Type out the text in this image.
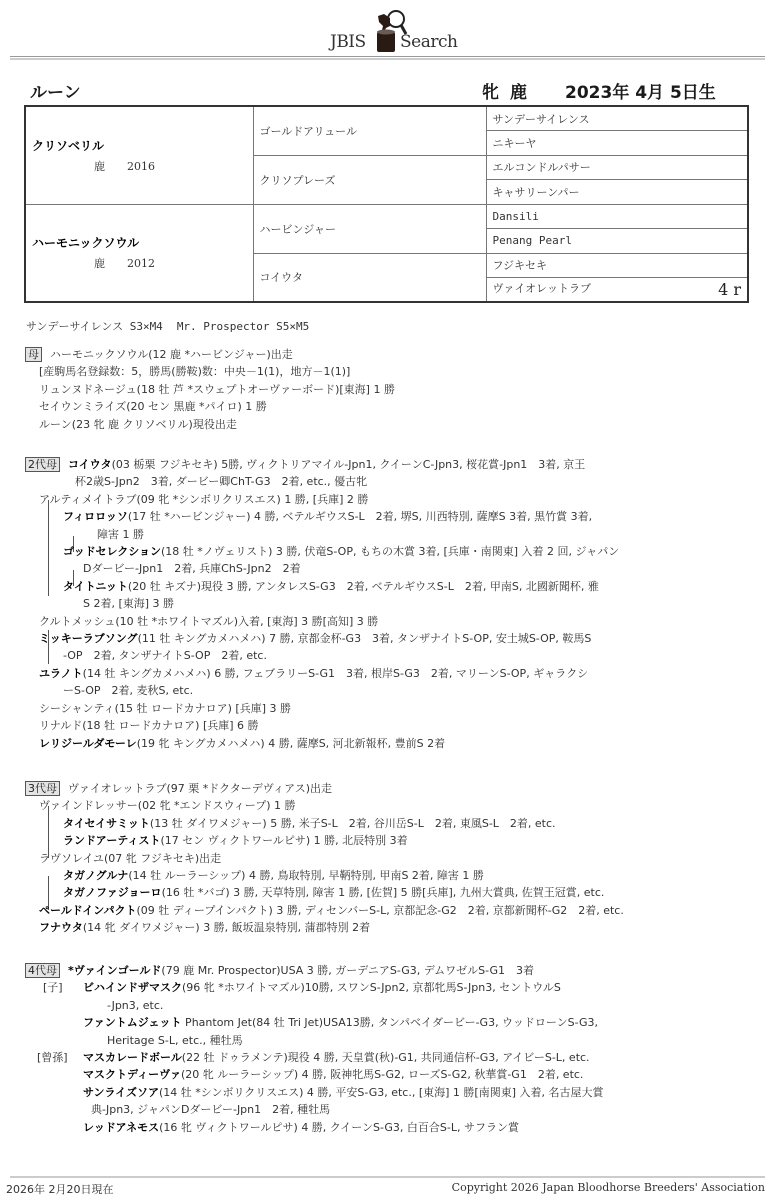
JBIS Search
ルーン	牝 鹿 2023年 4月 5日生
クリソベリル
鹿 2016	ゴールドアリュール	サンデーサイレンス
		ニキーヤ
	クリソプレーズ	エルコンドルパサー
		キャサリーンパー
ハーモニックソウル
鹿 2012	ハービンジャー	Dansili
		Penang Pearl
	コイウタ	フジキセキ
		ヴァイオレットラブ 4 r
サンデーサイレンス S3×M4 Mr. Prospector S5×M5
母 ハーモニックソウル(12 鹿 *ハービンジャー)出走
[産駒馬名登録数：5，勝馬(勝鞍)数：中央－1(1)，地方－1(1)]
リュンヌドネージュ(18 牡 芦 *スウェプトオーヴァーボード)[東海] 1 勝
セイウンミライズ(20 セン 黒鹿 *パイロ) 1 勝
ルーン(23 牝 鹿 クリソベリル)現役出走
2代母 コイウタ(03 栃栗 フジキセキ) 5勝, ヴィクトリアマイル-Jpn1, クイーンC-Jpn3, 桜花賞-Jpn1　3着, 京王
杯2歳S-Jpn2　3着, ダービー卿ChT-G3　2着, etc., 優古牝
アルティメイトラブ(09 牝 *シンボリクリスエス) 1 勝, [兵庫] 2 勝
フィロロッソ(17 牡 *ハービンジャー) 4 勝, ベテルギウスS-L　2着, 堺S, 川西特別, 薩摩S 3着, 黒竹賞 3着,
障害 1 勝
ゴッドセレクション(18 牡 *ノヴェリスト) 3 勝, 伏竜S-OP, もちの木賞 3着, [兵庫・南関東] 入着 2 回, ジャパン
Dダービー-Jpn1　2着, 兵庫ChS-Jpn2　2着
タイトニット(20 牡 キズナ)現役 3 勝, アンタレスS-G3　2着, ベテルギウスS-L　2着, 甲南S, 北國新聞杯, 雅
S 2着, [東海] 3 勝
クルトメッシュ(10 牡 *ホワイトマズル)入着, [東海] 3 勝[高知] 3 勝
ミッキーラブソング(11 牡 キングカメハメハ) 7 勝, 京都金杯-G3　3着, タンザナイトS-OP, 安土城S-OP, 鞍馬S
-OP　2着, タンザナイトS-OP　2着, etc.
ユラノト(14 牡 キングカメハメハ) 6 勝, フェブラリーS-G1　3着, 根岸S-G3　2着, マリーンS-OP, ギャラクシ
ーS-OP　2着, 麦秋S, etc.
シーシャンティ(15 牡 ロードカナロア) [兵庫] 3 勝
リナルド(18 牡 ロードカナロア) [兵庫] 6 勝
レリジールダモーレ(19 牝 キングカメハメハ) 4 勝, 薩摩S, 河北新報杯, 豊前S 2着
3代母 ヴァイオレットラブ(97 栗 *ドクターデヴィアス)出走
ヴァインドレッサー(02 牝 *エンドスウィープ) 1 勝
タイセイサミット(13 牡 ダイワメジャー) 5 勝, 米子S-L　2着, 谷川岳S-L　2着, 東風S-L　2着, etc.
ランドアーティスト(17 セン ヴィクトワールピサ) 1 勝, 北辰特別 3着
ラヴソレイユ(07 牝 フジキセキ)出走
タガノグルナ(14 牡 ルーラーシップ) 4 勝, 鳥取特別, 早鞆特別, 甲南S 2着, 障害 1 勝
タガノファジョーロ(16 牡 *バゴ) 3 勝, 天草特別, 障害 1 勝, [佐賀] 5 勝[兵庫], 九州大賞典, 佐賀王冠賞, etc.
ペールドインパクト(09 牡 ディープインパクト) 3 勝, ディセンバーS-L, 京都記念-G2　2着, 京都新聞杯-G2　2着, etc.
フナウタ(14 牝 ダイワメジャー) 3 勝, 飯坂温泉特別, 蒲郡特別 2着
4代母 *ヴァインゴールド(79 鹿 Mr. Prospector)USA 3 勝, ガーデニアS-G3, デムワゼルS-G1　3着
[子] ビハインドザマスク(96 牝 *ホワイトマズル)10勝, スワンS-Jpn2, 京都牝馬S-Jpn3, セントウルS
-Jpn3, etc.
ファントムジェット Phantom Jet(84 牡 Tri Jet)USA13勝, タンパベイダービー-G3, ウッドローンS-G3,
Heritage S-L, etc., 種牡馬
[曾孫] マスカレードボール(22 牡 ドゥラメンテ)現役 4 勝, 天皇賞(秋)-G1, 共同通信杯-G3, アイビーS-L, etc.
マスクトディーヴァ(20 牝 ルーラーシップ) 4 勝, 阪神牝馬S-G2, ローズS-G2, 秋華賞-G1　2着, etc.
サンライズソア(14 牡 *シンボリクリスエス) 4 勝, 平安S-G3, etc., [東海] 1 勝[南関東] 入着, 名古屋大賞
典-Jpn3, ジャパンDダービー-Jpn1　2着, 種牡馬
レッドアネモス(16 牝 ヴィクトワールピサ) 4 勝, クイーンS-G3, 白百合S-L, サフラン賞
2026年 2月20日現在	Copyright 2026 Japan Bloodhorse Breeders' Association
